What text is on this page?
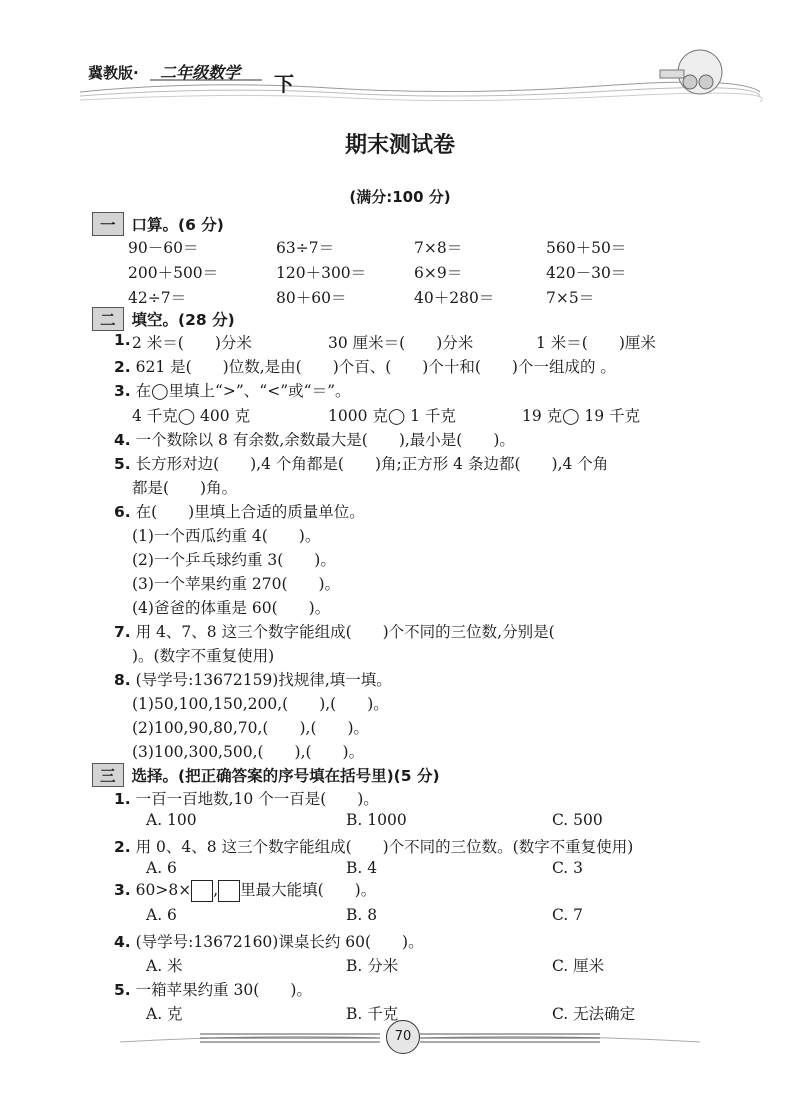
冀教版· 二年级数学 下
期末测试卷
(满分:100 分)
一 口算。(6 分)
90－60＝	63÷7＝	7×8＝	560＋50＝
200＋500＝	120＋300＝	6×9＝	420－30＝
42÷7＝	80＋60＝	40＋280＝	7×5＝
二 填空。(28 分)
1. 2 米＝(　　)分米	30 厘米＝(　　)分米	1 米＝(　　)厘米
2. 621 是(　　)位数,是由(　　)个百、(　　)个十和(　　)个一组成的 。
3. 在◯里填上“>”、“<”或“＝”。
4 千克◯ 400 克	1000 克◯ 1 千克	19 克◯ 19 千克
4. 一个数除以 8 有余数,余数最大是(　　),最小是(　　)。
5. 长方形对边(　　),4 个角都是(　　)角;正方形 4 条边都(　　),4 个角
都是(　　)角。
6. 在(　　)里填上合适的质量单位。
(1)一个西瓜约重 4(　　)。
(2)一个乒乓球约重 3(　　)。
(3)一个苹果约重 270(　　)。
(4)爸爸的体重是 60(　　)。
7. 用 4、7、8 这三个数字能组成(　　)个不同的三位数,分别是(
)。(数字不重复使用)
8. (导学号:13672159)找规律,填一填。
(1)50,100,150,200,(　　),(　　)。
(2)100,90,80,70,(　　),(　　)。
(3)100,300,500,(　　),(　　)。
三 选择。(把正确答案的序号填在括号里)(5 分)
1. 一百一百地数,10 个一百是(　　)。
A. 100	B. 1000	C. 500
2. 用 0、4、8 这三个数字能组成(　　)个不同的三位数。(数字不重复使用)
A. 6	B. 4	C. 3
3. 60>8× , 里最大能填(　　)。
A. 6	B. 8	C. 7
4. (导学号:13672160)课桌长约 60(　　)。
A. 米	B. 分米	C. 厘米
5. 一箱苹果约重 30(　　)。
A. 克	B. 千克	C. 无法确定
70
